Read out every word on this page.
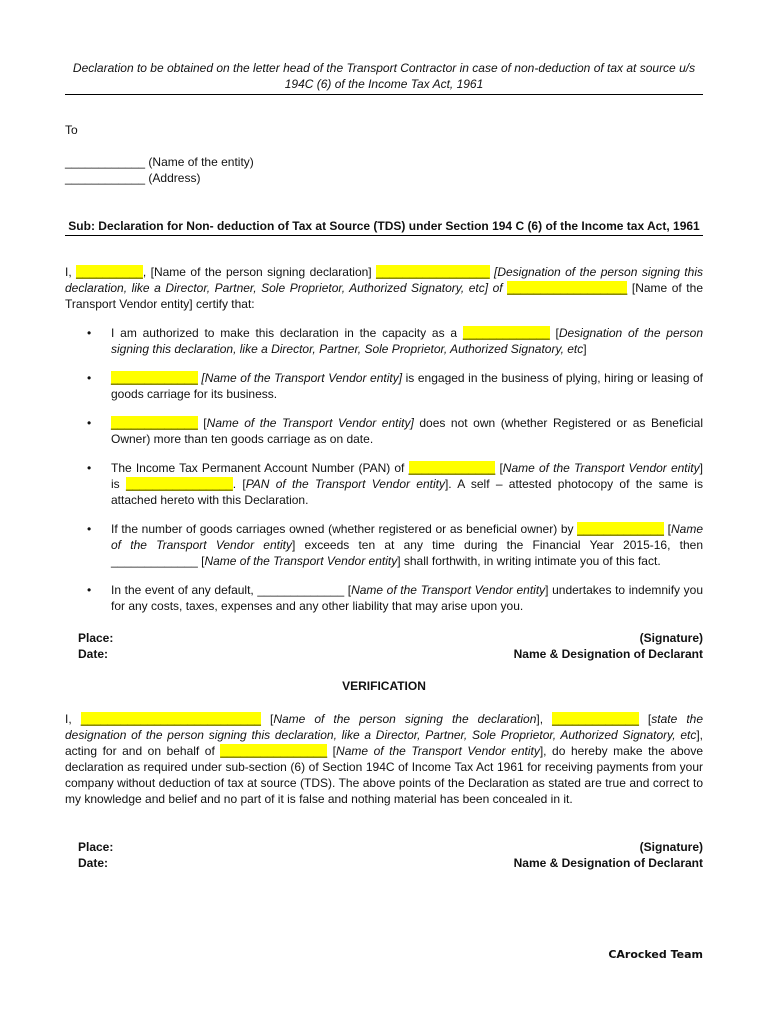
Declaration to be obtained on the letter head of the Transport Contractor in case of non-deduction of tax at source u/s 194C (6) of the Income Tax Act, 1961
To
____________ (Name of the entity)
____________ (Address)
Sub: Declaration for Non- deduction of Tax at Source (TDS) under Section 194 C (6) of the Income tax Act, 1961
I, __________, [Name of the person signing declaration] _________________ [Designation of the person signing this declaration, like a Director, Partner, Sole Proprietor, Authorized Signatory, etc] of __________________ [Name of the Transport Vendor entity] certify that:
• I am authorized to make this declaration in the capacity as a _____________ [Designation of the person signing this declaration, like a Director, Partner, Sole Proprietor, Authorized Signatory, etc]
• _____________ [Name of the Transport Vendor entity] is engaged in the business of plying, hiring or leasing of goods carriage for its business.
• _____________ [Name of the Transport Vendor entity] does not own (whether Registered or as Beneficial Owner) more than ten goods carriage as on date.
• The Income Tax Permanent Account Number (PAN) of _____________ [Name of the Transport Vendor entity] is ________________. [PAN of the Transport Vendor entity]. A self – attested photocopy of the same is attached hereto with this Declaration.
• If the number of goods carriages owned (whether registered or as beneficial owner) by _____________ [Name of the Transport Vendor entity] exceeds ten at any time during the Financial Year 2015-16, then _____________ [Name of the Transport Vendor entity] shall forthwith, in writing intimate you of this fact.
• In the event of any default, _____________ [Name of the Transport Vendor entity] undertakes to indemnify you for any costs, taxes, expenses and any other liability that may arise upon you.
Place:	(Signature)
Date:	Name & Designation of Declarant
VERIFICATION
I, ___________________________ [Name of the person signing the declaration], _____________ [state the designation of the person signing this declaration, like a Director, Partner, Sole Proprietor, Authorized Signatory, etc], acting for and on behalf of ________________ [Name of the Transport Vendor entity], do hereby make the above declaration as required under sub-section (6) of Section 194C of Income Tax Act 1961 for receiving payments from your company without deduction of tax at source (TDS). The above points of the Declaration as stated are true and correct to my knowledge and belief and no part of it is false and nothing material has been concealed in it.
Place:	(Signature)
Date:	Name & Designation of Declarant
CArocked Team
